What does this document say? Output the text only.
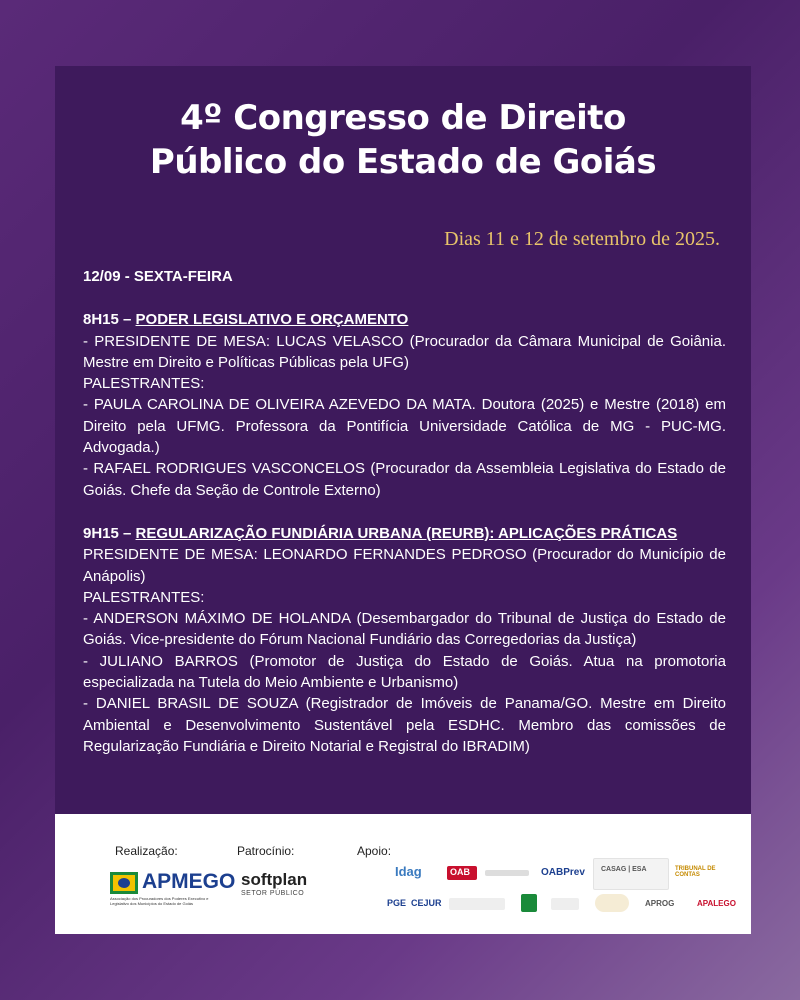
4º Congresso de Direito
Público do Estado de Goiás
Dias 11 e 12 de setembro de 2025.

12/09 - SEXTA-FEIRA

8H15 – PODER LEGISLATIVO E ORÇAMENTO

- PRESIDENTE DE MESA: LUCAS VELASCO (Procurador da Câmara Municipal de Goiânia. Mestre em Direito e Políticas Públicas pela UFG)

PALESTRANTES:

- PAULA CAROLINA DE OLIVEIRA AZEVEDO DA MATA. Doutora (2025) e Mestre (2018) em Direito pela UFMG. Professora da Pontifícia Universidade Católica de MG - PUC-MG. Advogada.)

- RAFAEL RODRIGUES VASCONCELOS (Procurador da Assembleia Legislativa do Estado de Goiás. Chefe da Seção de Controle Externo)

9H15 – REGULARIZAÇÃO FUNDIÁRIA URBANA (REURB): APLICAÇÕES PRÁTICAS

PRESIDENTE DE MESA: LEONARDO FERNANDES PEDROSO (Procurador do Município de Anápolis)

PALESTRANTES:

- ANDERSON MÁXIMO DE HOLANDA (Desembargador do Tribunal de Justiça do Estado de Goiás. Vice-presidente do Fórum Nacional Fundiário das Corregedorias da Justiça)

- JULIANO BARROS (Promotor de Justiça do Estado de Goiás. Atua na promotoria especializada na Tutela do Meio Ambiente e Urbanismo)

- DANIEL BRASIL DE SOUZA (Registrador de Imóveis de Panama/GO. Mestre em Direito Ambiental e Desenvolvimento Sustentável pela ESDHC. Membro das comissões de Regularização Fundiária e Direito Notarial e Registral do IBRADIM)

Realização:	Patrocínio:	Apoio:
APMEGO
Associação dos Procuradores dos Poderes Executivo e Legislativo dos Municípios do Estado de Goiás
softplan
SETOR PÚBLICO
Idag	OAB	OABPrev CASAG | ESA	TRIBUNAL DE CONTAS
PGE CEJUR	APROG	APALEGO
